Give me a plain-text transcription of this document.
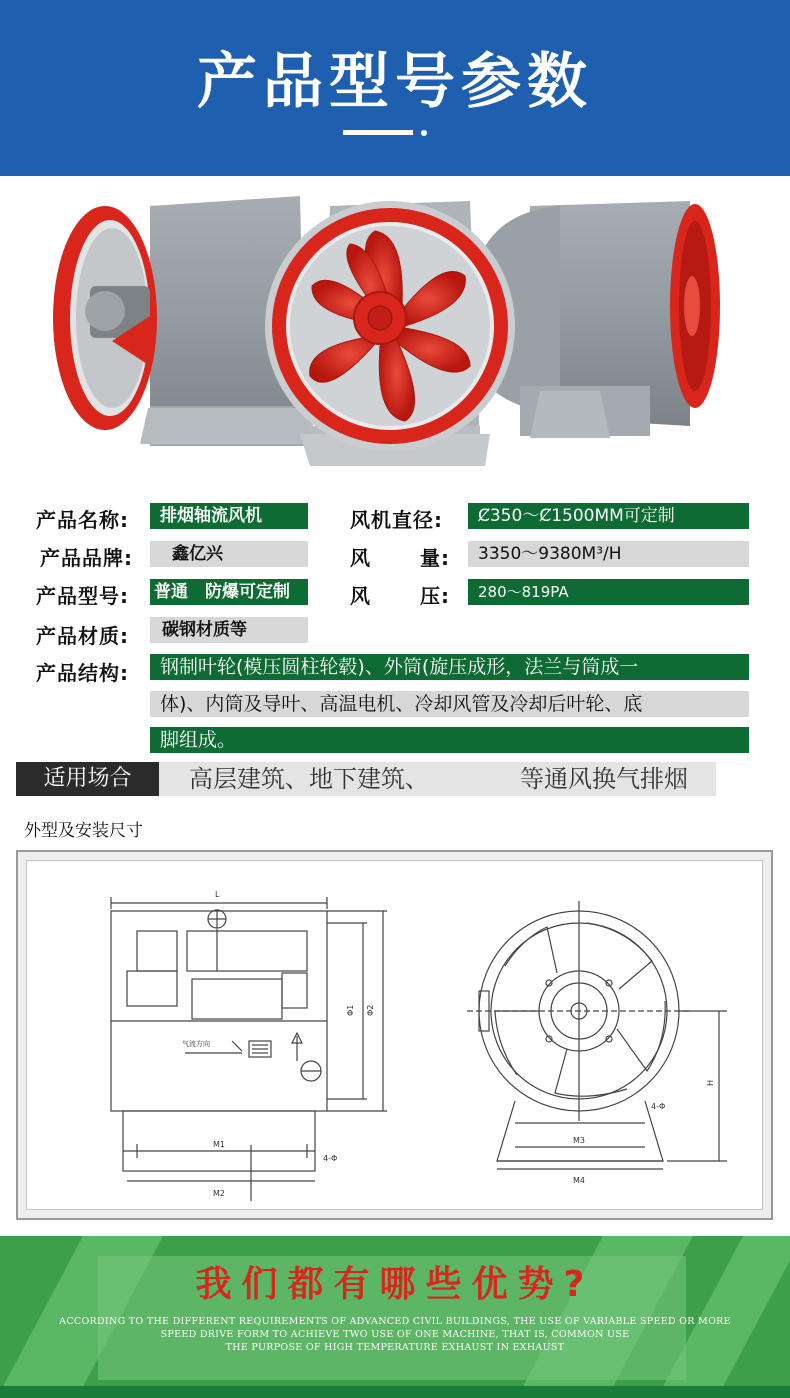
产品型号参数
产品名称:	排烟轴流风机	风机直径:	Ȼ350～Ȼ1500MM可定制
产品品牌:	鑫亿兴	风 量:	3350～9380M³/H
产品型号: 普通　防爆可定制	风 压:	280～819PA
产品材质:	碳钢材质等
产品结构:	钢制叶轮(模压圆柱轮毂)、外筒(旋压成形，法兰与筒成一
体)、内筒及导叶、高温电机、冷却风管及冷却后叶轮、底
脚组成。
适用场合	高层建筑、地下建筑、	等通风换气排烟
外型及安装尺寸
L
Φ1 Φ2
气流方向
M1
M2
4-Φ
H
4-Φ
M3
M4
我们都有哪些优势?
ACCORDING TO THE DIFFERENT REQUIREMENTS OF ADVANCED CIVIL BUILDINGS, THE USE OF VARIABLE SPEED OR MORE
SPEED DRIVE FORM TO ACHIEVE TWO USE OF ONE MACHINE, THAT IS, COMMON USE
THE PURPOSE OF HIGH TEMPERATURE EXHAUST IN EXHAUST
